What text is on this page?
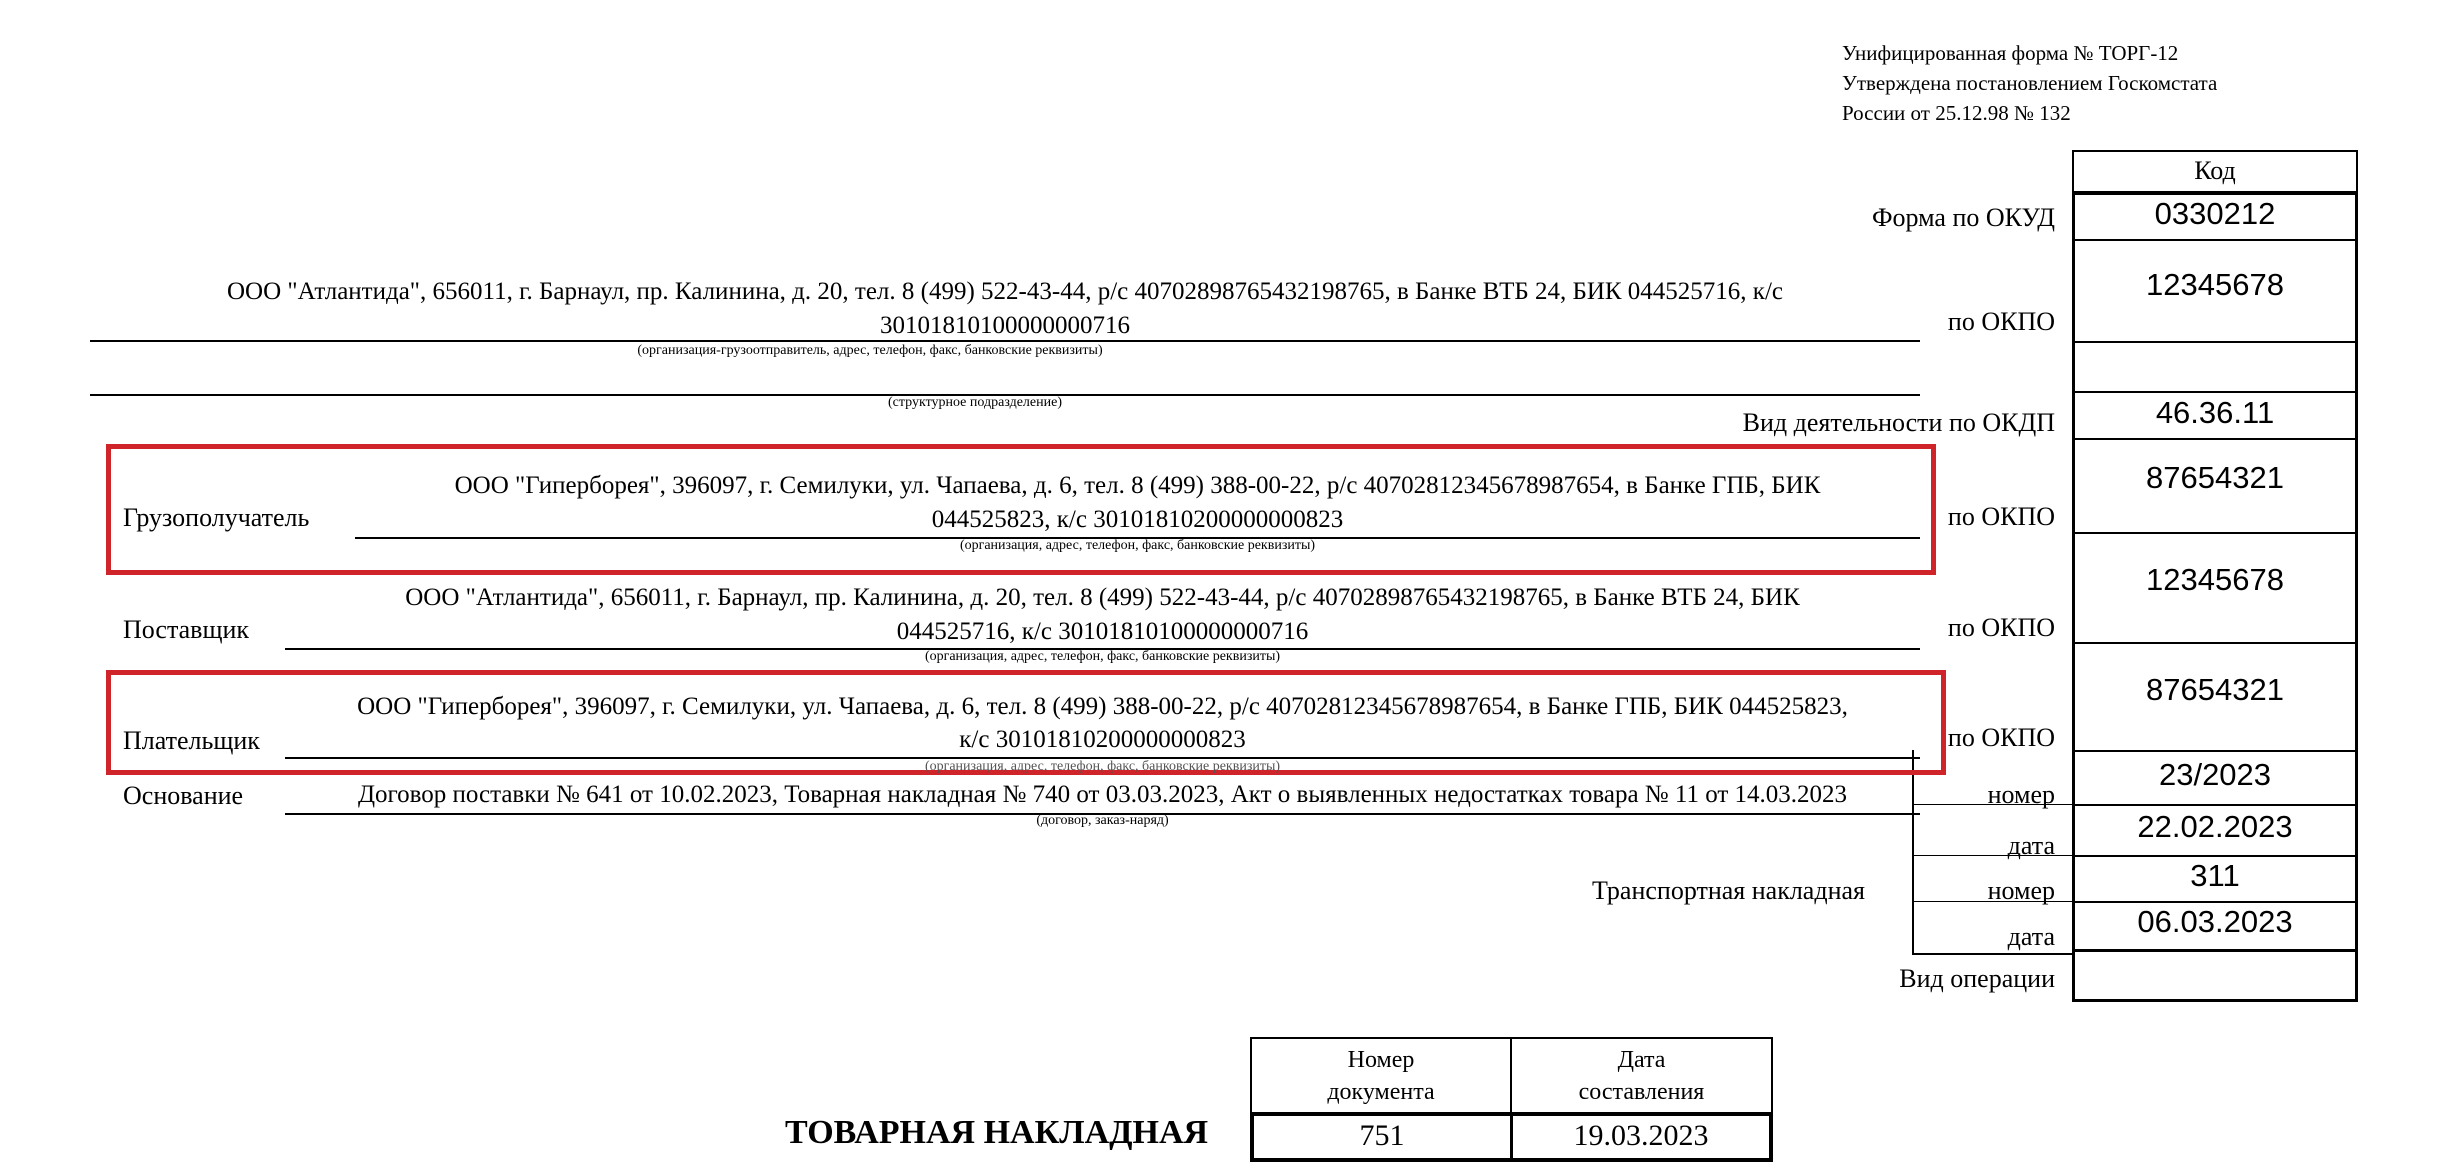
Унифицированная форма № ТОРГ-12
Утверждена постановлением Госкомстата
России от 25.12.98 № 132
Код
0330212
12345678
46.36.11
87654321
12345678
87654321
23/2023
22.02.2023
311
06.03.2023
Форма по ОКУД
по ОКПО
Вид деятельности по ОКДП
по ОКПО
по ОКПО
по ОКПО
номер
дата
номер
дата
Транспортная накладная
Вид операции
ООО "Атлантида", 656011, г. Барнаул, пр. Калинина, д. 20, тел. 8 (499) 522-43-44, р/с 40702898765432198765, в Банке ВТБ 24, БИК 044525716, к/с
30101810100000000716
(организация-грузоотправитель, адрес, телефон, факс, банковские реквизиты)
(структурное подразделение)
Грузополучатель
ООО "Гиперборея", 396097, г. Семилуки, ул. Чапаева, д. 6, тел. 8 (499) 388-00-22, р/с 40702812345678987654, в Банке ГПБ, БИК
044525823, к/с 30101810200000000823
(организация, адрес, телефон, факс, банковские реквизиты)
Поставщик
ООО "Атлантида", 656011, г. Барнаул, пр. Калинина, д. 20, тел. 8 (499) 522-43-44, р/с 40702898765432198765, в Банке ВТБ 24, БИК
044525716, к/с 30101810100000000716
(организация, адрес, телефон, факс, банковские реквизиты)
Плательщик
ООО "Гиперборея", 396097, г. Семилуки, ул. Чапаева, д. 6, тел. 8 (499) 388-00-22, р/с 40702812345678987654, в Банке ГПБ, БИК 044525823,
к/с 30101810200000000823
(организация, адрес, телефон, факс, банковские реквизиты)
Основание	Договор поставки № 641 от 10.02.2023, Товарная накладная № 740 от 03.03.2023, Акт о выявленных недостатках товара № 11 от 14.03.2023
(договор, заказ-наряд)
ТОВАРНАЯ НАКЛАДНАЯ
Номер документа
Дата составления
751	19.03.2023
